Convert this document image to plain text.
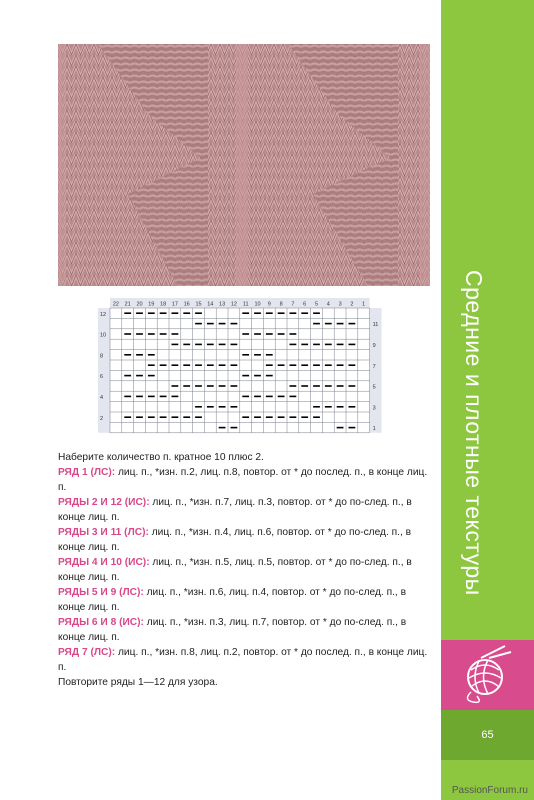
22 21 20 19 18 17 16 15 14 13 12 11 10 9 8 7 6 5 4 3 2 1
12
10
8
6
4
2
11
9
7
5
3
1

Наберите количество п. кратное 10 плюс 2.

РЯД 1 (ЛС): лиц. п., *изн. п.2, лиц. п.8, повтор. от * до послед. п., в конце лиц. п.

РЯДЫ 2 И 12 (ИС): лиц. п., *изн. п.7, лиц. п.3, повтор. от * до по-след. п., в конце лиц. п.

РЯДЫ 3 И 11 (ЛС): лиц. п., *изн. п.4, лиц. п.6, повтор. от * до по-след. п., в конце лиц. п.

РЯДЫ 4 И 10 (ИС): лиц. п., *изн. п.5, лиц. п.5, повтор. от * до по-след. п., в конце лиц. п.

РЯДЫ 5 И 9 (ЛС): лиц. п., *изн. п.6, лиц. п.4, повтор. от * до по-след. п., в конце лиц. п.

РЯДЫ 6 И 8 (ИС): лиц. п., *изн. п.3, лиц. п.7, повтор. от * до по-след. п., в конце лиц. п.

РЯД 7 (ЛС): лиц. п., *изн. п.8, лиц. п.2, повтор. от * до послед. п., в конце лиц. п.

Повторите ряды 1—12 для узора.

Средние и плотные текстуры
65
PassionForum.ru
